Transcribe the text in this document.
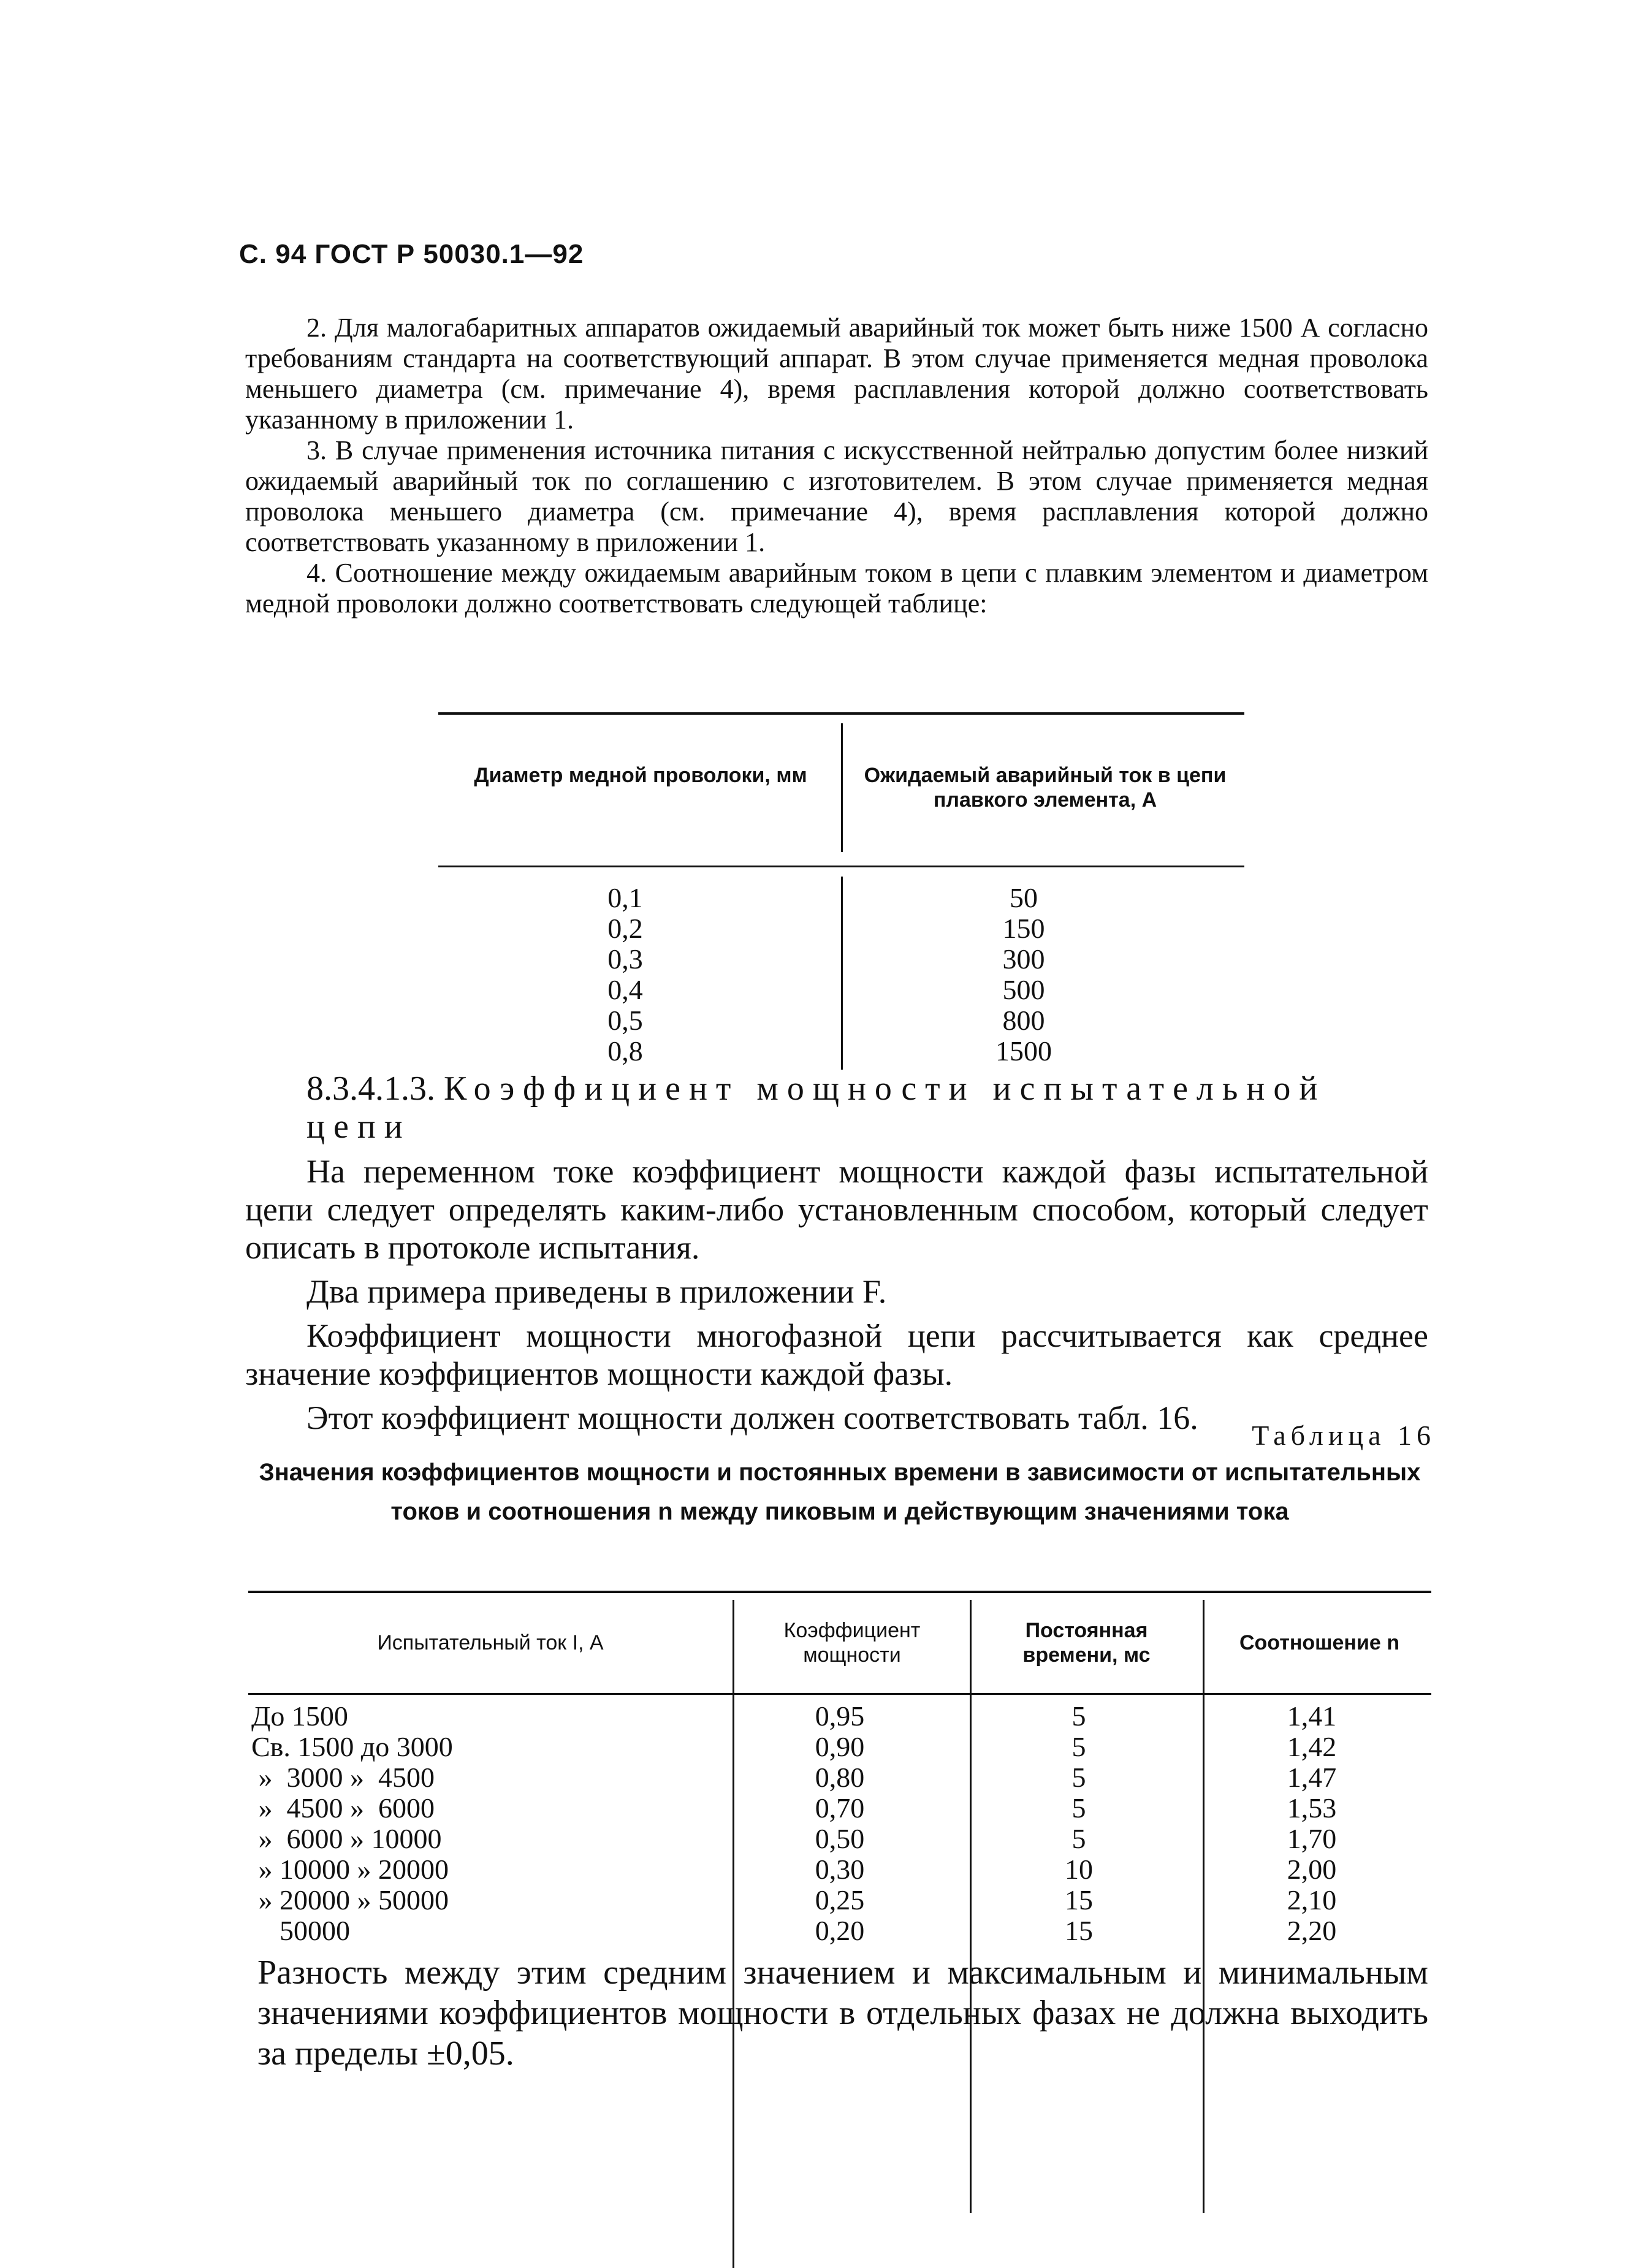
С. 94 ГОСТ Р 50030.1—92

2. Для малогабаритных аппаратов ожидаемый аварийный ток может быть ниже 1500 А согласно требованиям стандарта на соответствующий аппарат. В этом случае применяется медная проволока меньшего диаметра (см. примечание 4), время расплавления которой должно соответствовать указанному в приложении 1.

3. В случае применения источника питания с искусственной нейтралью допустим более низкий ожидаемый аварийный ток по соглашению с изготовителем. В этом случае применяется медная проволока меньшего диаметра (см. примечание 4), время расплавления которой должно соответствовать указанному в приложении 1.

4. Соотношение между ожидаемым аварийным током в цепи с плавким элементом и диаметром медной проволоки должно соответствовать следующей таблице:

Диаметр медной проволоки, мм	Ожидаемый аварийный ток в цепи плавкого элемента, А
0,1
0,2
0,3
0,4
0,5
0,8
50
150
300
500
800
1500
8.3.4.1.3. Коэффициент мощности испытательной цепи

На переменном токе коэффициент мощности каждой фазы испытательной цепи следует определять каким-либо установленным способом, который следует описать в протоколе испытания.

Два примера приведены в приложении F.

Коэффициент мощности многофазной цепи рассчитывается как среднее значение коэффициентов мощности каждой фазы.

Этот коэффициент мощности должен соответствовать табл. 16.	Таблица 16
Значения коэффициентов мощности и постоянных времени в зависимости от испытательных токов и соотношения n между пиковым и действующим значениями тока
Испытательный ток I, А
Коэффициент мощности
Постоянная времени, мс
Соотношение n
До 1500
Св. 1500 до 3000
»  3000 »  4500
»  4500 »  6000
»  6000 » 10000
» 10000 » 20000
» 20000 » 50000
50000
0,95
0,90
0,80
0,70
0,50
0,30
0,25
0,20
5
5
5
5
5
10
15
15
1,41
1,42
1,47
1,53
1,70
2,00
2,10
2,20
Разность между этим средним значением и максимальным и минимальным значениями коэффициентов мощности в отдельных фазах не должна выходить за пределы ±0,05.
